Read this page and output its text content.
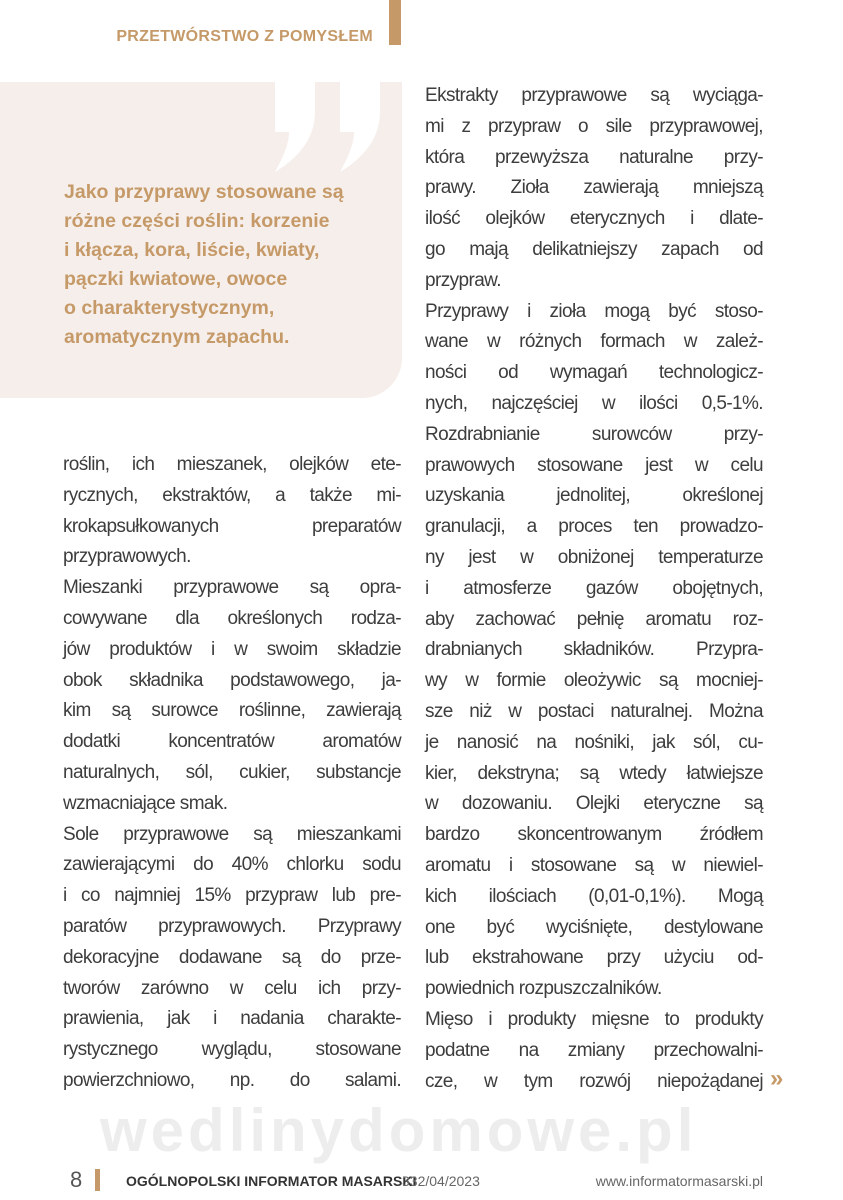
PRZETWÓRSTWO Z POMYSŁEM
Jako przyprawy stosowane są
różne części roślin: korzenie
i kłącza, kora, liście, kwiaty,
pączki kwiatowe, owoce
o charakterystycznym,
aromatycznym zapachu.
roślin, ich mieszanek, olejków ete-
rycznych, ekstraktów, a także mi-
krokapsułkowanych preparatów
przyprawowych.
Mieszanki przyprawowe są opra-
cowywane dla określonych rodza-
jów produktów i w swoim składzie
obok składnika podstawowego, ja-
kim są surowce roślinne, zawierają
dodatki koncentratów aromatów
naturalnych, sól, cukier, substancje
wzmacniające smak.
Sole przyprawowe są mieszankami
zawierającymi do 40% chlorku sodu
i co najmniej 15% przypraw lub pre-
paratów przyprawowych. Przyprawy
dekoracyjne dodawane są do prze-
tworów zarówno w celu ich przy-
prawienia, jak i nadania charakte-
rystycznego wyglądu, stosowane
powierzchniowo, np. do salami.
Ekstrakty przyprawowe są wyciąga-
mi z przypraw o sile przyprawowej,
która przewyższa naturalne przy-
prawy. Zioła zawierają mniejszą
ilość olejków eterycznych i dlate-
go mają delikatniejszy zapach od
przypraw.
Przyprawy i zioła mogą być stoso-
wane w różnych formach w zależ-
ności od wymagań technologicz-
nych, najczęściej w ilości 0,5-1%.
Rozdrabnianie surowców przy-
prawowych stosowane jest w celu
uzyskania jednolitej, określonej
granulacji, a proces ten prowadzo-
ny jest w obniżonej temperaturze
i atmosferze gazów obojętnych,
aby zachować pełnię aromatu roz-
drabnianych składników. Przypra-
wy w formie oleożywic są mocniej-
sze niż w postaci naturalnej. Można
je nanosić na nośniki, jak sól, cu-
kier, dekstryna; są wtedy łatwiejsze
w dozowaniu. Olejki eteryczne są
bardzo skoncentrowanym źródłem
aromatu i stosowane są w niewiel-
kich ilościach (0,01-0,1%). Mogą
one być wyciśnięte, destylowane
lub ekstrahowane przy użyciu od-
powiednich rozpuszczalników.
Mięso i produkty mięsne to produkty
podatne na zmiany przechowalni-
cze, w tym rozwój niepożądanej »
wedlinydomowe.pl
8	OGÓLNOPOLSKI INFORMATOR MASARSKI
332/04/2023	www.informatormasarski.pl
